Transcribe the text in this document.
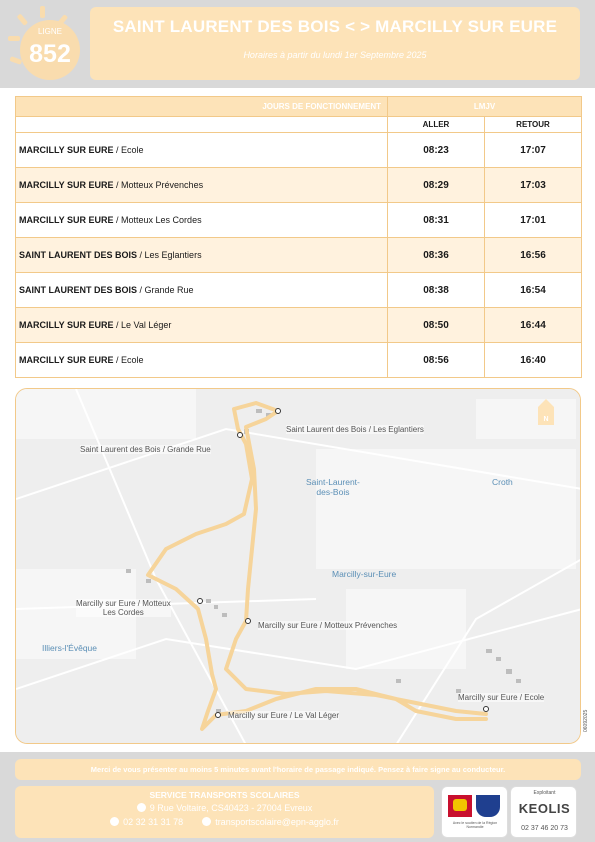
LIGNE
852
SAINT LAURENT DES BOIS < > MARCILLY SUR EURE
Horaires à partir du lundi 1er Septembre 2025
JOURS DE FONCTIONNEMENT	LMJV	
	ALLER	RETOUR
MARCILLY SUR EURE / Ecole	08:23	17:07
MARCILLY SUR EURE / Motteux Prévenches	08:29	17:03
MARCILLY SUR EURE / Motteux Les Cordes	08:31	17:01
SAINT LAURENT DES BOIS / Les Eglantiers	08:36	16:56
SAINT LAURENT DES BOIS / Grande Rue	08:38	16:54
MARCILLY SUR EURE / Le Val Léger	08:50	16:44
MARCILLY SUR EURE / Ecole	08:56	16:40
N
Saint Laurent des Bois / Les Eglantiers
Saint Laurent des Bois / Grande Rue
Saint-Laurent-
des-Bois
Croth
Marcilly-sur-Eure
Marcilly sur Eure / Motteux
Les Cordes
Marcilly sur Eure / Motteux Prévenches
Illiers-l'Évêque
Marcilly sur Eure / Le Val Léger
Marcilly sur Eure / Ecole
Merci de vous présenter au moins 5 minutes avant l'horaire de passage indiqué. Pensez à faire signe au conducteur.
SERVICE TRANSPORTS SCOLAIRES
9 Rue Voltaire, CS40423 - 27004 Evreux
02 32 31 31 78	transportscolaire@epn-agglo.fr	Avec le soutien de la Région Normandie
Exploitant
KEOLIS
02 37 46 20 73
06092025
